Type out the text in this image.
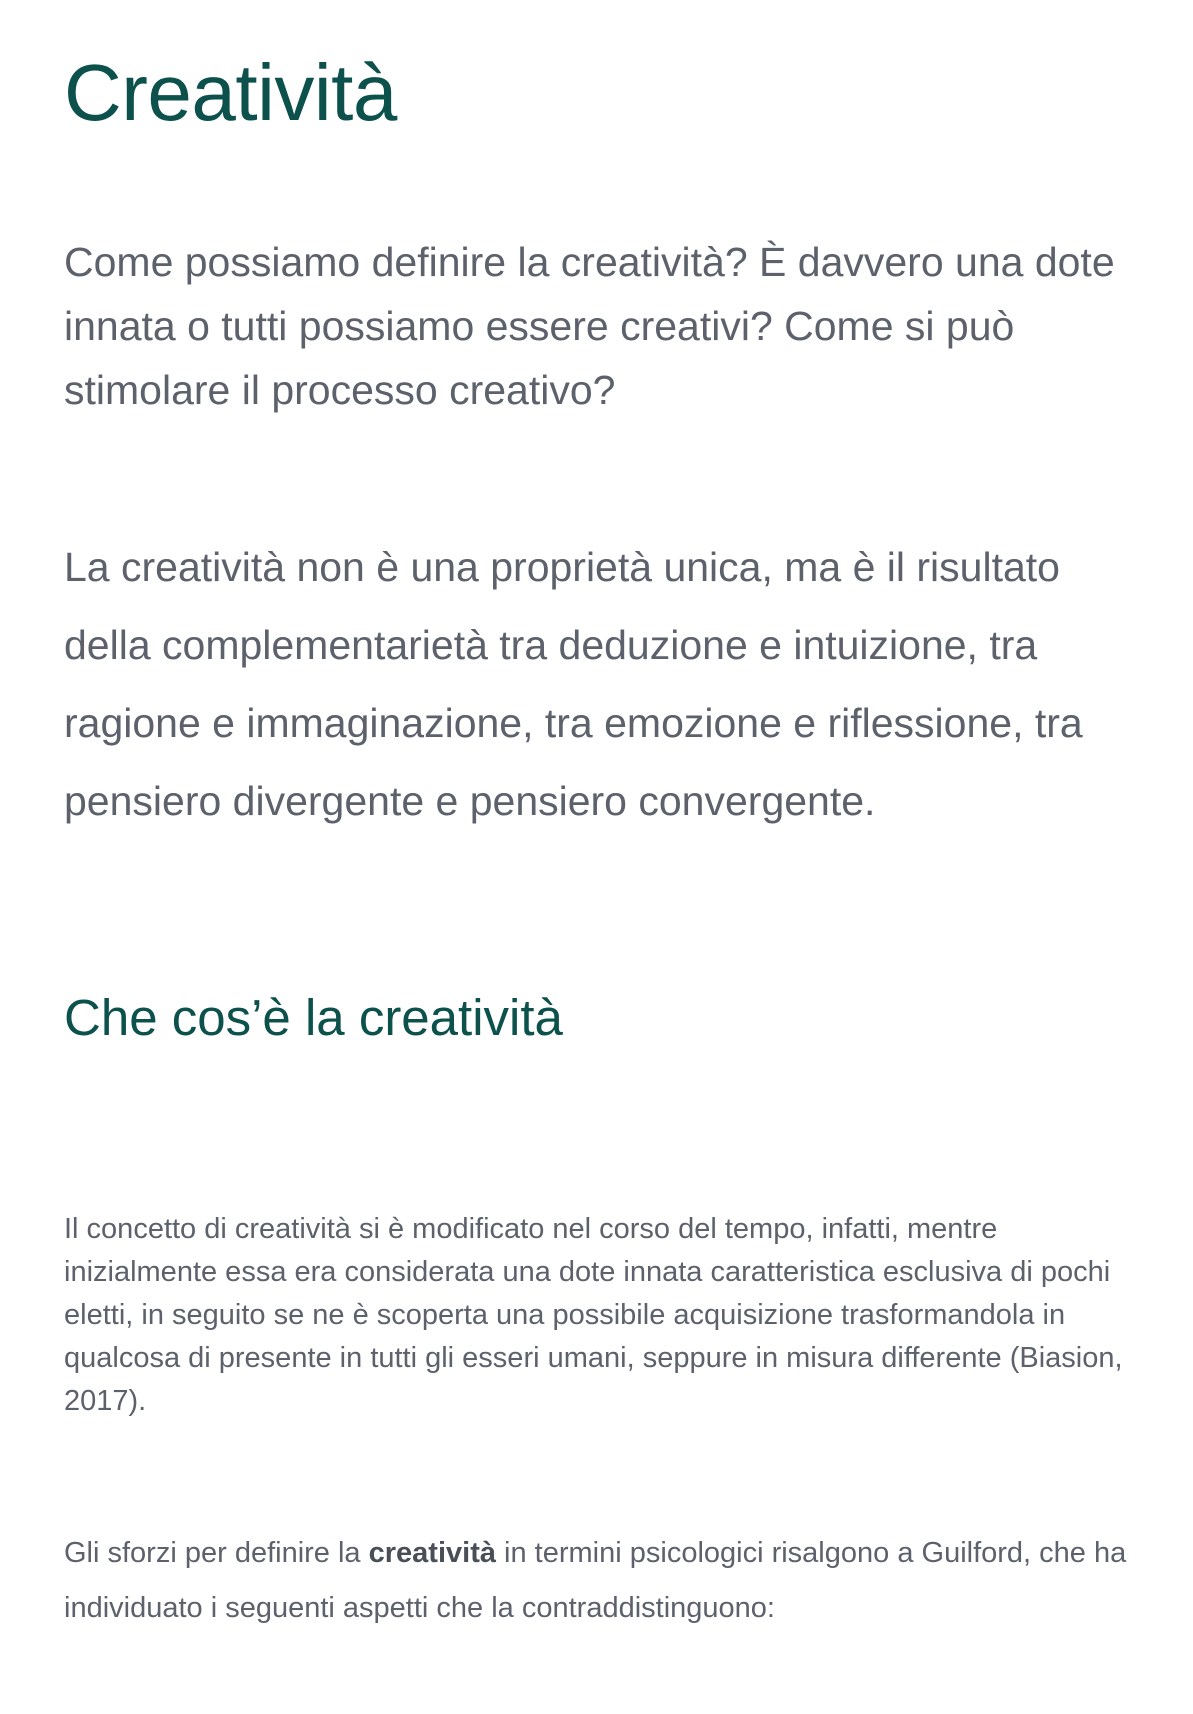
Creatività

Come possiamo definire la creatività? È davvero una dote innata o tutti possiamo essere creativi? Come si può stimolare il processo creativo?

La creatività non è una proprietà unica, ma è il risultato della complementarietà tra deduzione e intuizione, tra ragione e immaginazione, tra emozione e riflessione, tra pensiero divergente e pensiero convergente.

Che cos’è la creatività

Il concetto di creatività si è modificato nel corso del tempo, infatti, mentre inizialmente essa era considerata una dote innata caratteristica esclusiva di pochi eletti, in seguito se ne è scoperta una possibile acquisizione trasformandola in qualcosa di presente in tutti gli esseri umani, seppure in misura differente (Biasion, 2017).

Gli sforzi per definire la creatività in termini psicologici risalgono a Guilford, che ha individuato i seguenti aspetti che la contraddistinguono:
